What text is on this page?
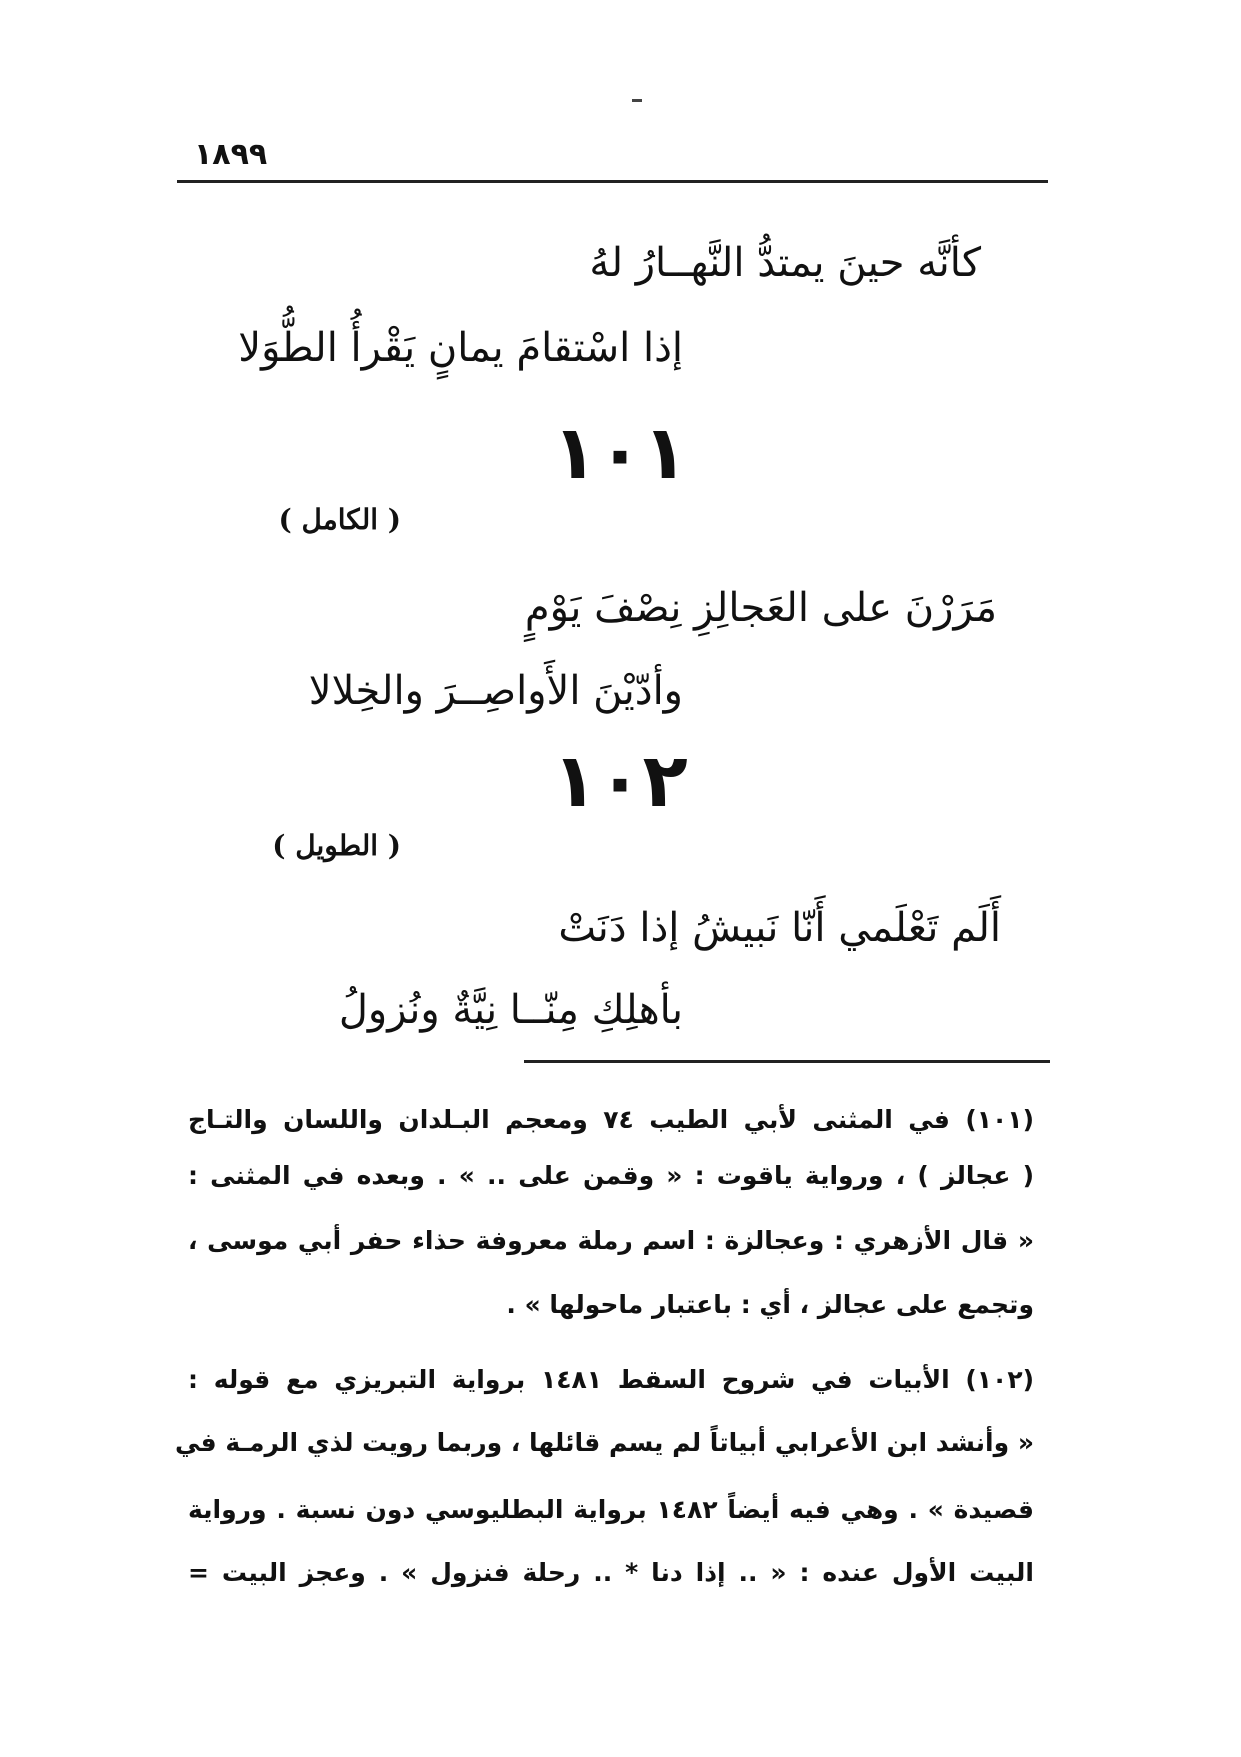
١٨٩٩
كأنَّه حينَ يمتدُّ النَّهــارُ لهُ
إذا اسْتقامَ يمانٍ يَقْرأُ الطُّوَلا
١٠١
( الكامل )
مَرَرْنَ على العَجالِزِ نِصْفَ يَوْمٍ
وأدّيْنَ الأَواصِــرَ والخِلالا
١٠٢
( الطويل )
أَلَم تَعْلَمي أَنّا نَبيشُ إذا دَنَتْ
بأهلِكِ مِنّــا نِيَّةٌ ونُزولُ
(١٠١) في المثنى لأبي الطيب ٧٤ ومعجم البـلدان واللسان والتـاج
( عجالز ) ، ورواية ياقوت : « وقمن على .. » . وبعده في المثنى :
« قال الأزهري : وعجالزة : اسم رملة معروفة حذاء حفر أبي موسى ،
وتجمع على عجالز ، أي : باعتبار ماحولها » .
(١٠٢) الأبيات في شروح السقط ١٤٨١ برواية التبريزي مع قوله :
« وأنشد ابن الأعرابي أبياتاً لم يسم قائلها ، وربما رويت لذي الرمـة في
قصيدة » . وهي فيه أيضاً ١٤٨٢ برواية البطليوسي دون نسبة . ورواية
البيت الأول عنده : « .. إذا دنا * .. رحلة فنزول » . وعجز البيت =
